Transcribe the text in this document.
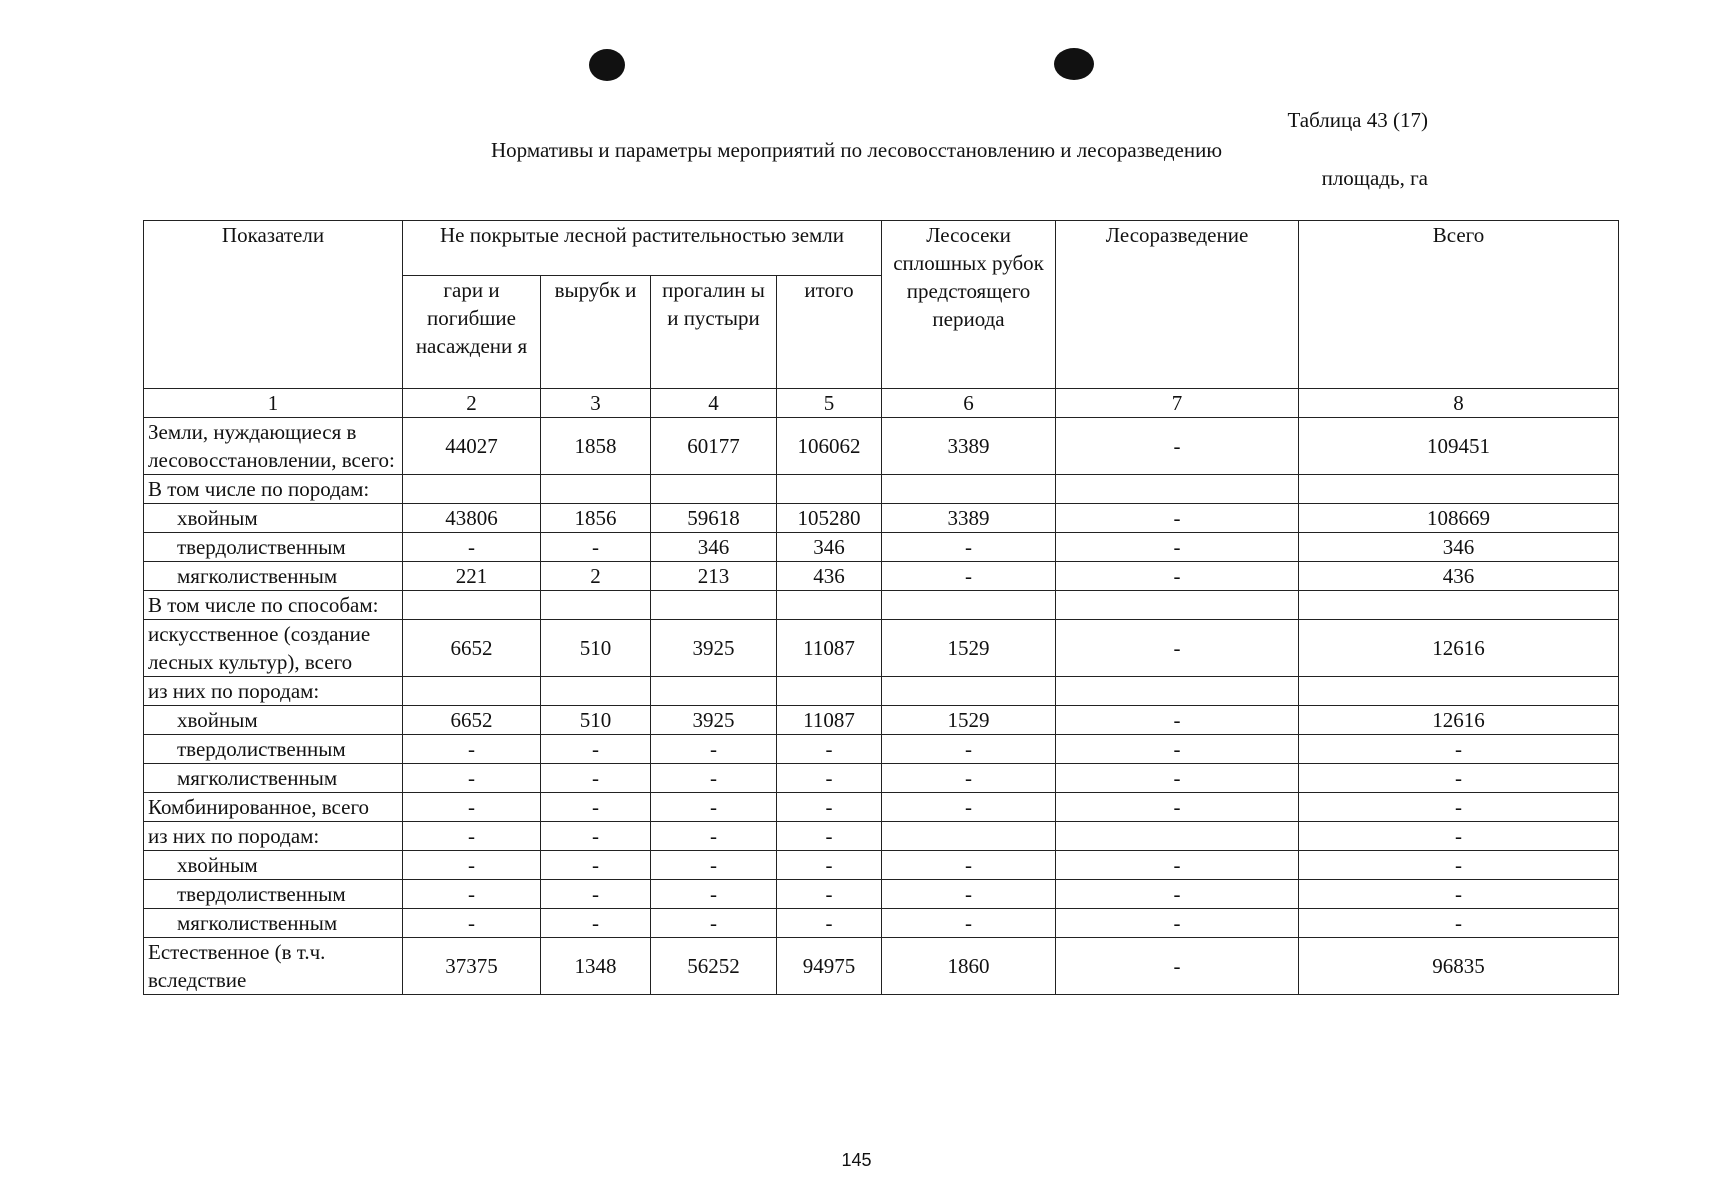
Таблица 43 (17)
Нормативы и параметры мероприятий по лесовосстановлению и лесоразведению
площадь, га
Показатели	Не покрытые лесной растительностью земли				Лесосеки сплошных рубок предстоящего периода	Лесоразведение	Всего
	гари и погибшие насаждени я	вырубк и	прогалин ы и пустыри	итого			
1	2	3	4	5	6	7	8
Земли, нуждающиеся в лесовосстановлении, всего:	44027	1858	60177	106062	3389	-	109451
В том числе по породам:							
хвойным	43806	1856	59618	105280	3389	-	108669
твердолиственным	-	-	346	346	-	-	346
мягколиственным	221	2	213	436	-	-	436
В том числе по способам:							
искусственное (создание лесных культур), всего	6652	510	3925	11087	1529	-	12616
из них по породам:							
хвойным	6652	510	3925	11087	1529	-	12616
твердолиственным	-	-	-	-	-	-	-
мягколиственным	-	-	-	-	-	-	-
Комбинированное, всего	-	-	-	-	-	-	-
из них по породам:	-	-	-	-			-
хвойным	-	-	-	-	-	-	-
твердолиственным	-	-	-	-	-	-	-
мягколиственным	-	-	-	-	-	-	-
Естественное (в т.ч. вследствие	37375	1348	56252	94975	1860	-	96835
145
